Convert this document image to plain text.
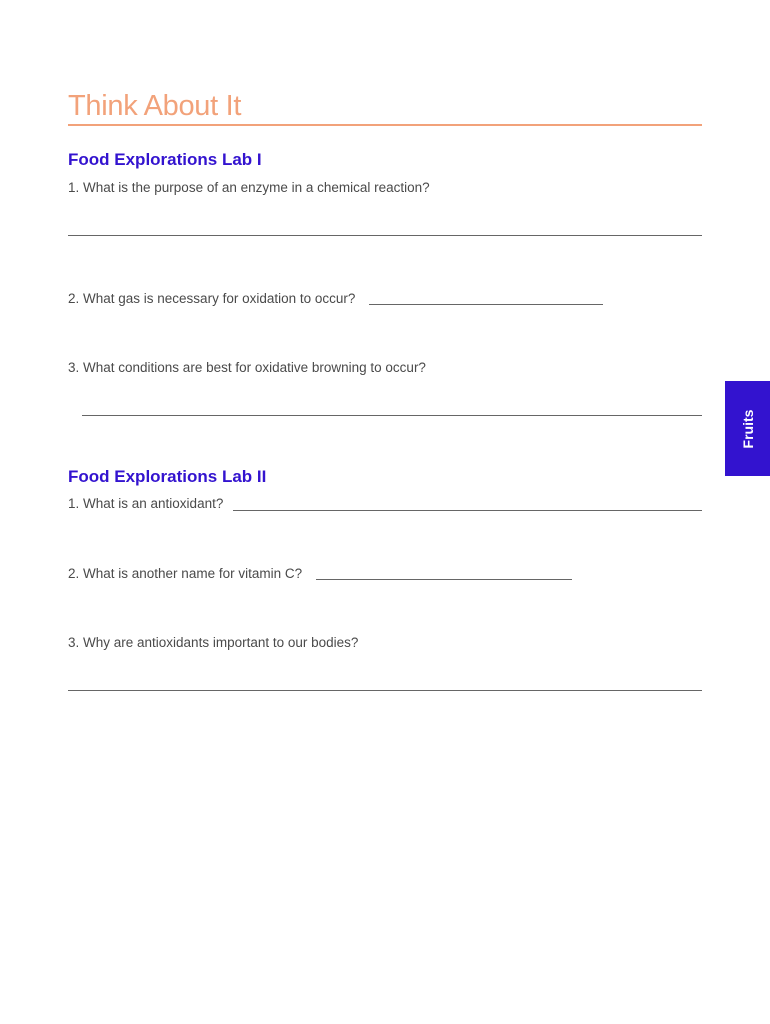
Think About It
Food Explorations Lab I
1. What is the purpose of an enzyme in a chemical reaction?
2. What gas is necessary for oxidation to occur?
3. What conditions are best for oxidative browning to occur?
Food Explorations Lab II
1. What is an antioxidant?
2. What is another name for vitamin C?
3. Why are antioxidants important to our bodies?
Fruits
